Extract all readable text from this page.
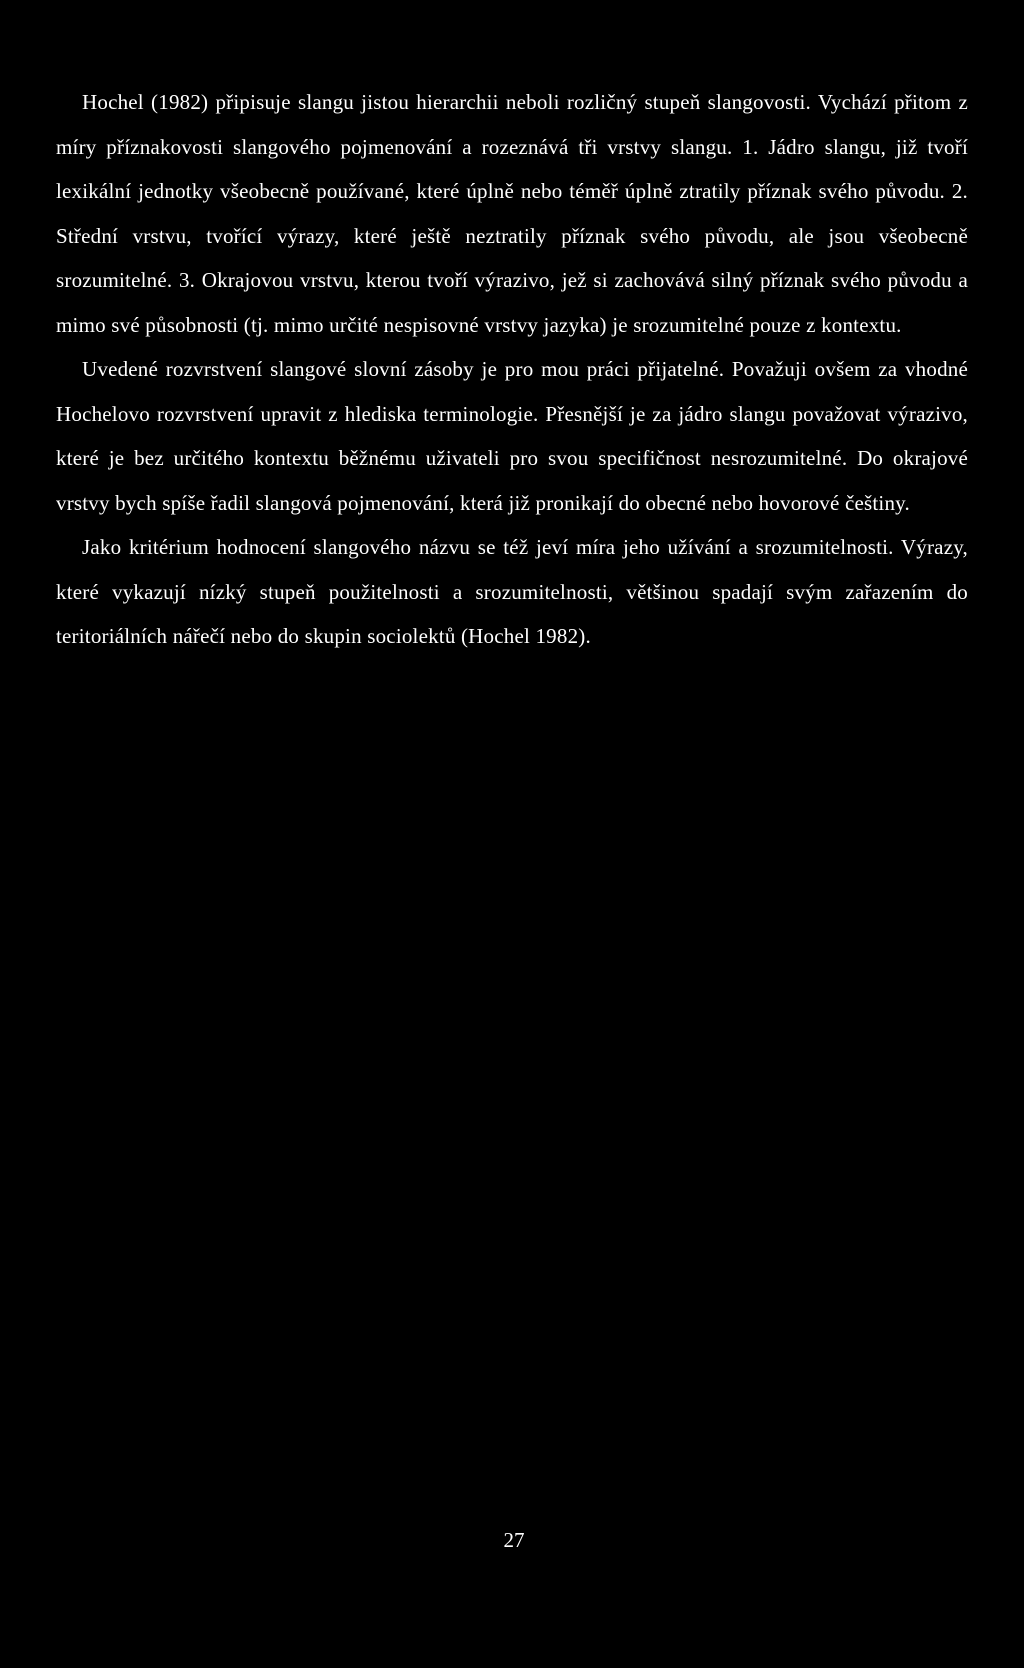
Hochel (1982) připisuje slangu jistou hierarchii neboli rozličný stupeň slangovosti. Vychází přitom z míry příznakovosti slangového pojmenování a rozeznává tři vrstvy slangu. 1. Jádro slangu, již tvoří lexikální jednotky všeobecně používané, které úplně nebo téměř úplně ztratily příznak svého původu. 2. Střední vrstvu, tvořící výrazy, které ještě neztratily příznak svého původu, ale jsou všeobecně srozumitelné. 3. Okrajovou vrstvu, kterou tvoří výrazivo, jež si zachovává silný příznak svého původu a mimo své působnosti (tj. mimo určité nespisovné vrstvy jazyka) je srozumitelné pouze z kontextu.

Uvedené rozvrstvení slangové slovní zásoby je pro mou práci přijatelné. Považuji ovšem za vhodné Hochelovo rozvrstvení upravit z hlediska terminologie. Přesnější je za jádro slangu považovat výrazivo, které je bez určitého kontextu běžnému uživateli pro svou specifičnost nesrozumitelné. Do okrajové vrstvy bych spíše řadil slangová pojmenování, která již pronikají do obecné nebo hovorové češtiny.

Jako kritérium hodnocení slangového názvu se též jeví míra jeho užívání a srozumitelnosti. Výrazy, které vykazují nízký stupeň použitelnosti a srozumitelnosti, většinou spadají svým zařazením do teritoriálních nářečí nebo do skupin sociolektů (Hochel 1982).

27
